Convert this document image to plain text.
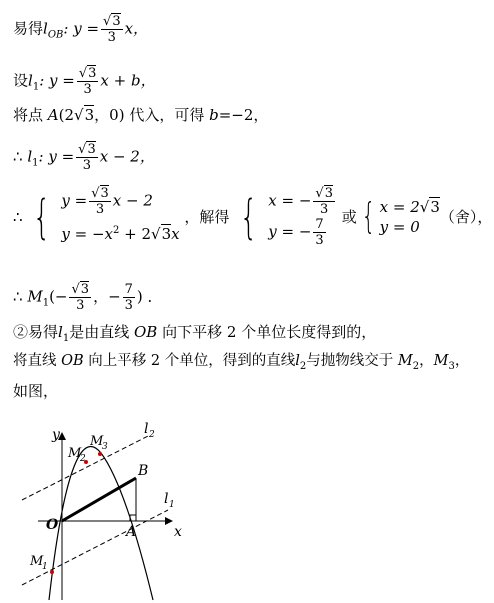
易得$l_{OB}$: $y = \frac{√3}{3}$ x，
设$l_1$: $y = \frac{√3}{3}$ x + b，
将点 A(2√3，0) 代入，可得 b=−2，
∴ $l_1$: $y = \frac{√3}{3}$ x − 2，
∴ { $y = \frac{√3}{3}$ x − 2
$y = -x^2 + 2√3x$
，解得 { x = − $\frac{√3}{3}$
y = − $\frac{7}{3}$ 或 { x = 2√3
y = 0
（舍），
∴ $M_1(- \frac{√3}{3}$ ，− $\frac{7}{3}$ ) ．
②易得$l_1$是由直线 OB 向下平移 2 个单位长度得到的，
将直线 OB 向上平移 2 个单位，得到的直线$l_2$与抛物线交于 $M_2$，$M_3$，
如图，
y
x
O	A
B
l 2
l 1
M
2
M
3
M
1
